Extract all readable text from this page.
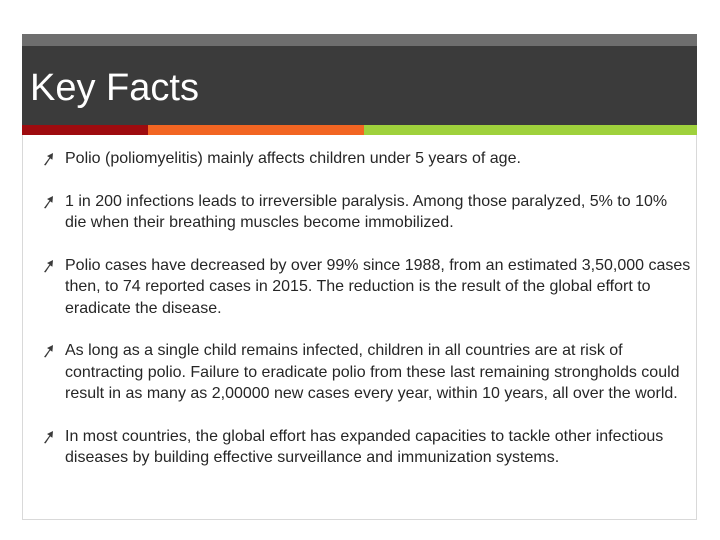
Key Facts
Polio (poliomyelitis) mainly affects children under 5 years of age.
1 in 200 infections leads to irreversible paralysis. Among those paralyzed, 5% to 10% die when their breathing muscles become immobilized.
Polio cases have decreased by over 99% since 1988, from an estimated 3,50,000 cases then, to 74 reported cases in 2015. The reduction is the result of the global effort to eradicate the disease.
As long as a single child remains infected, children in all countries are at risk of contracting polio. Failure to eradicate polio from these last remaining strongholds could result in as many as 2,00000 new cases every year, within 10 years, all over the world.
In most countries, the global effort has expanded capacities to tackle other infectious diseases by building effective surveillance and immunization systems.
